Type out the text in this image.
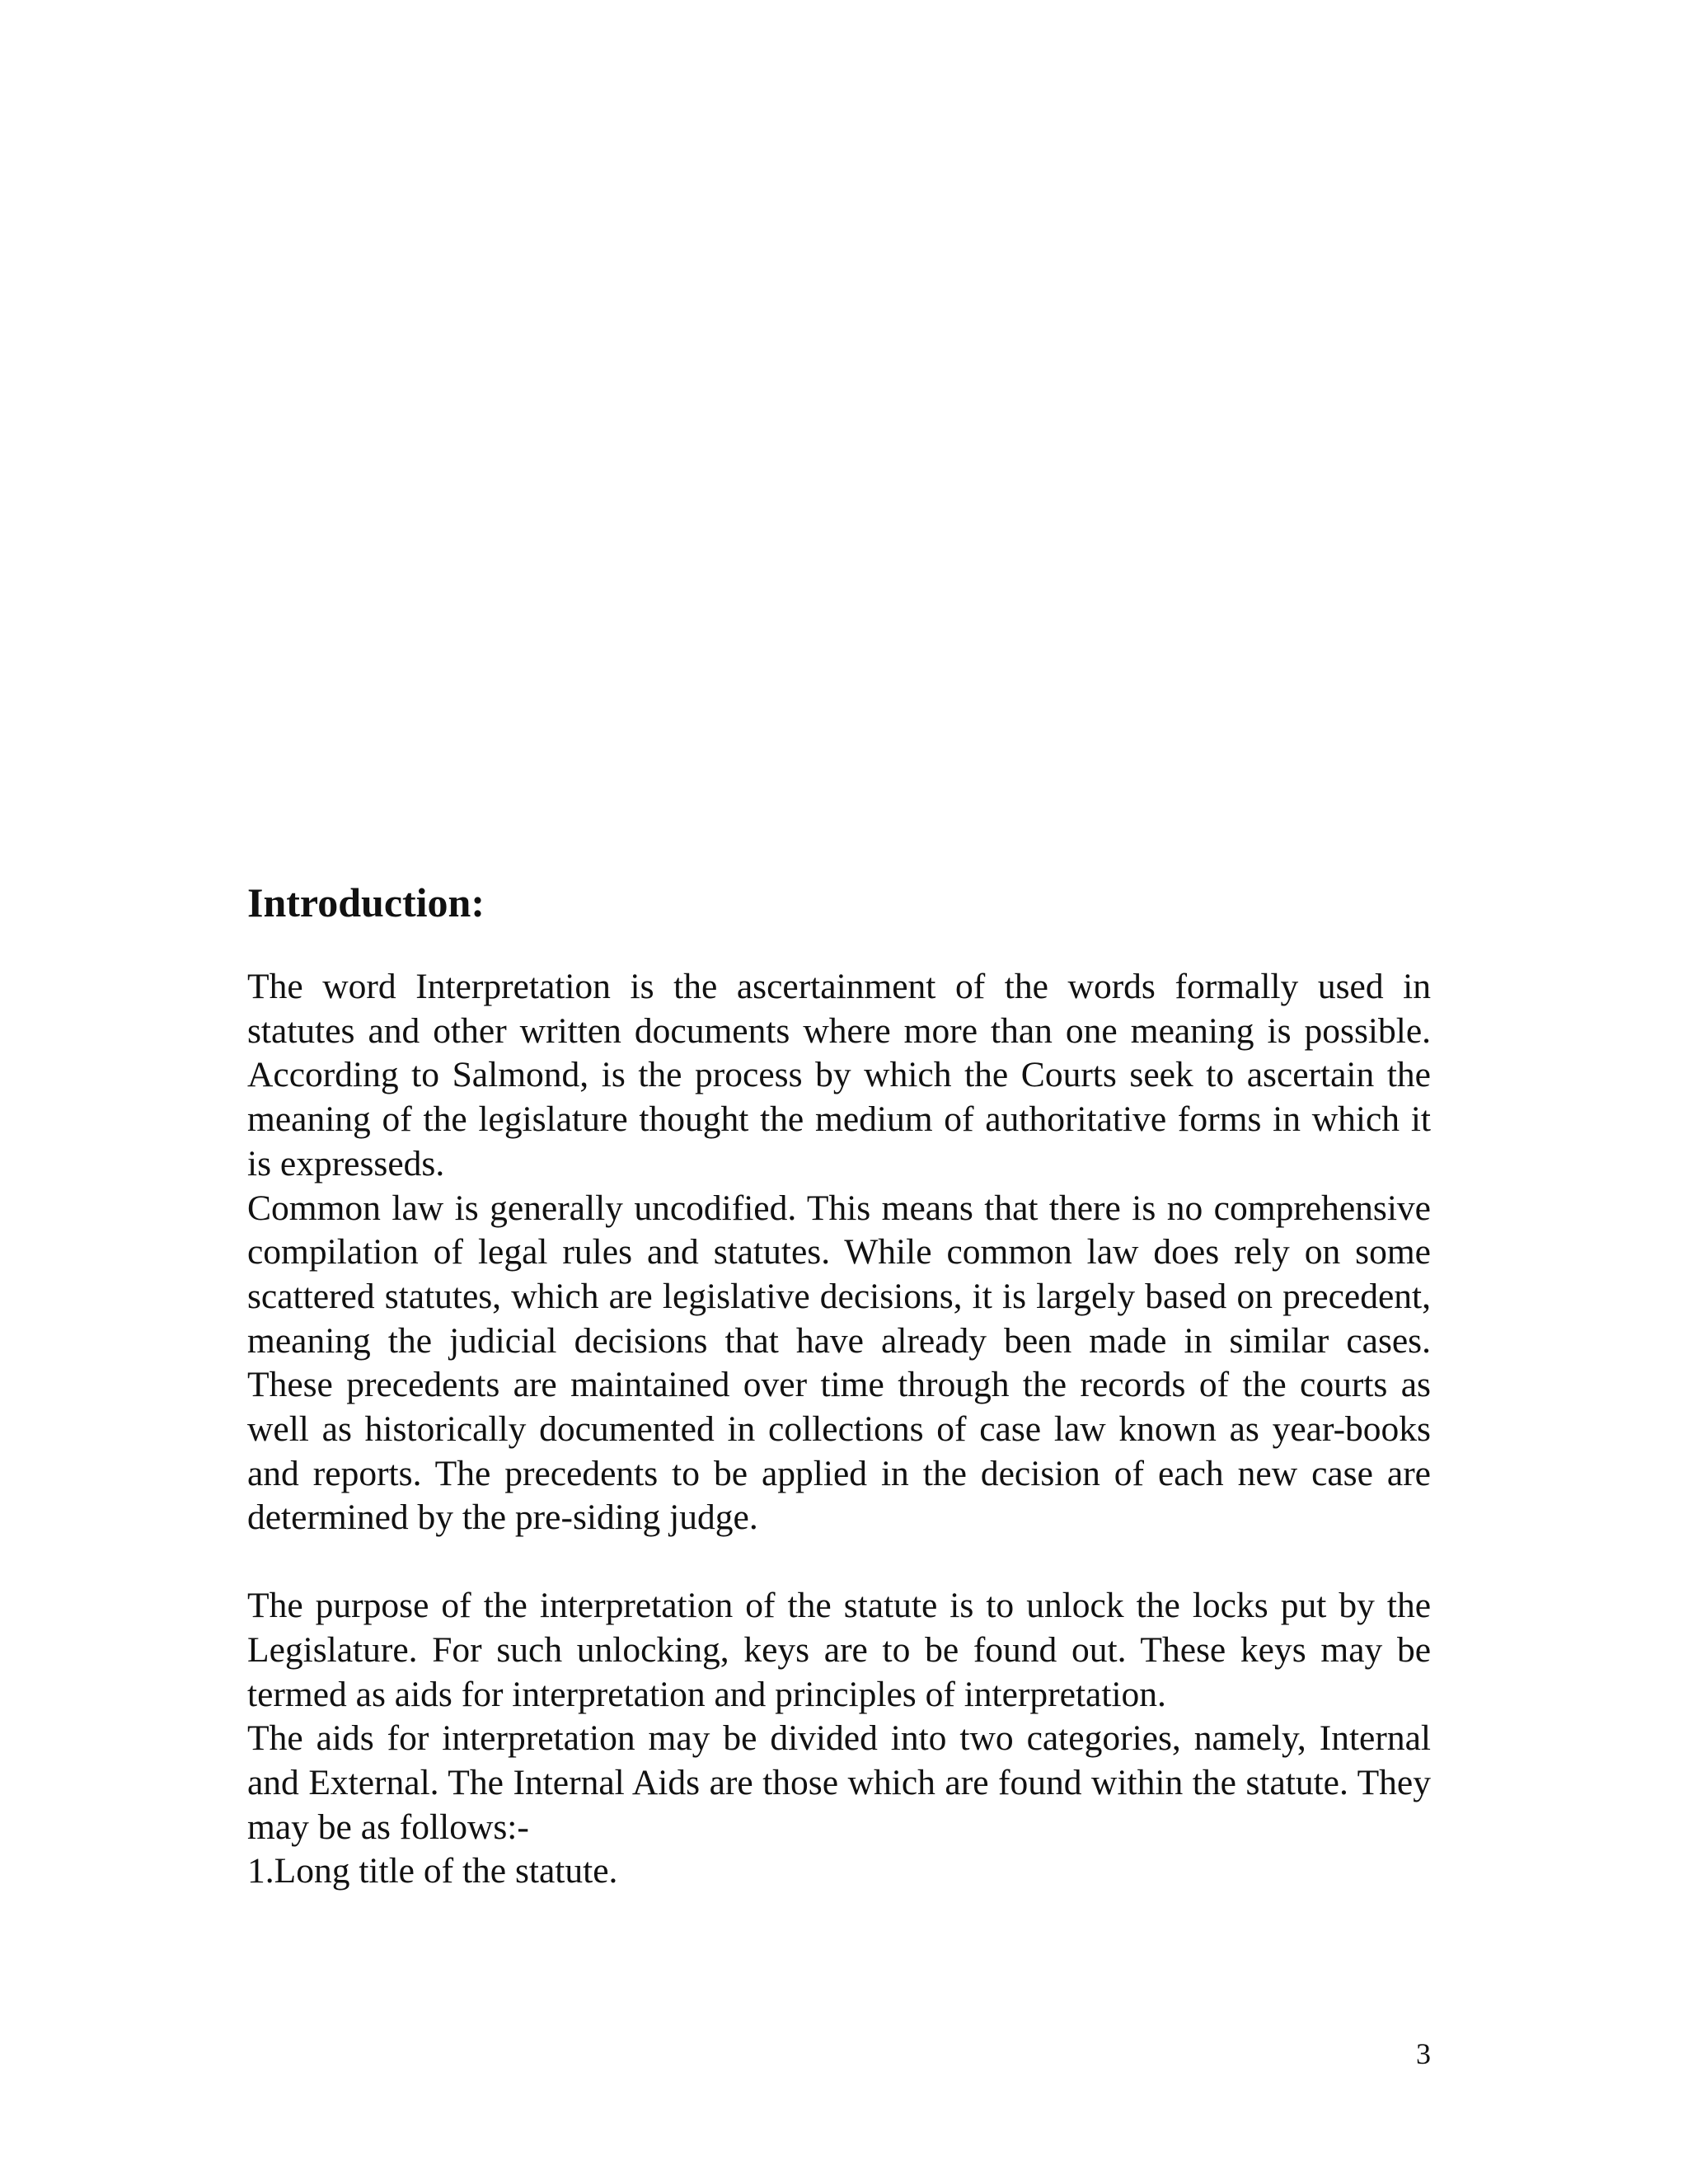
Introduction:

The word Interpretation is the ascertainment of the words formally used in statutes and other written documents where more than one meaning is possible. According to Salmond, is the process by which the Courts seek to ascertain the meaning of the legislature thought the medium of authoritative forms in which it is expresseds.

Common law is generally uncodified. This means that there is no comprehensive compilation of legal rules and statutes. While common law does rely on some scattered statutes, which are legislative decisions, it is largely based on precedent, meaning the judicial decisions that have already been made in similar cases. These precedents are maintained over time through the records of the courts as well as historically documented in collections of case law known as year-books and reports. The precedents to be applied in the decision of each new case are determined by the pre-siding judge.

The purpose of the interpretation of the statute is to unlock the locks put by the Legislature. For such unlocking, keys are to be found out. These keys may be termed as aids for interpretation and principles of interpretation.

The aids for interpretation may be divided into two categories, namely, Internal and External. The Internal Aids are those which are found within the statute. They may be as follows:-

1.Long title of the statute.

3
